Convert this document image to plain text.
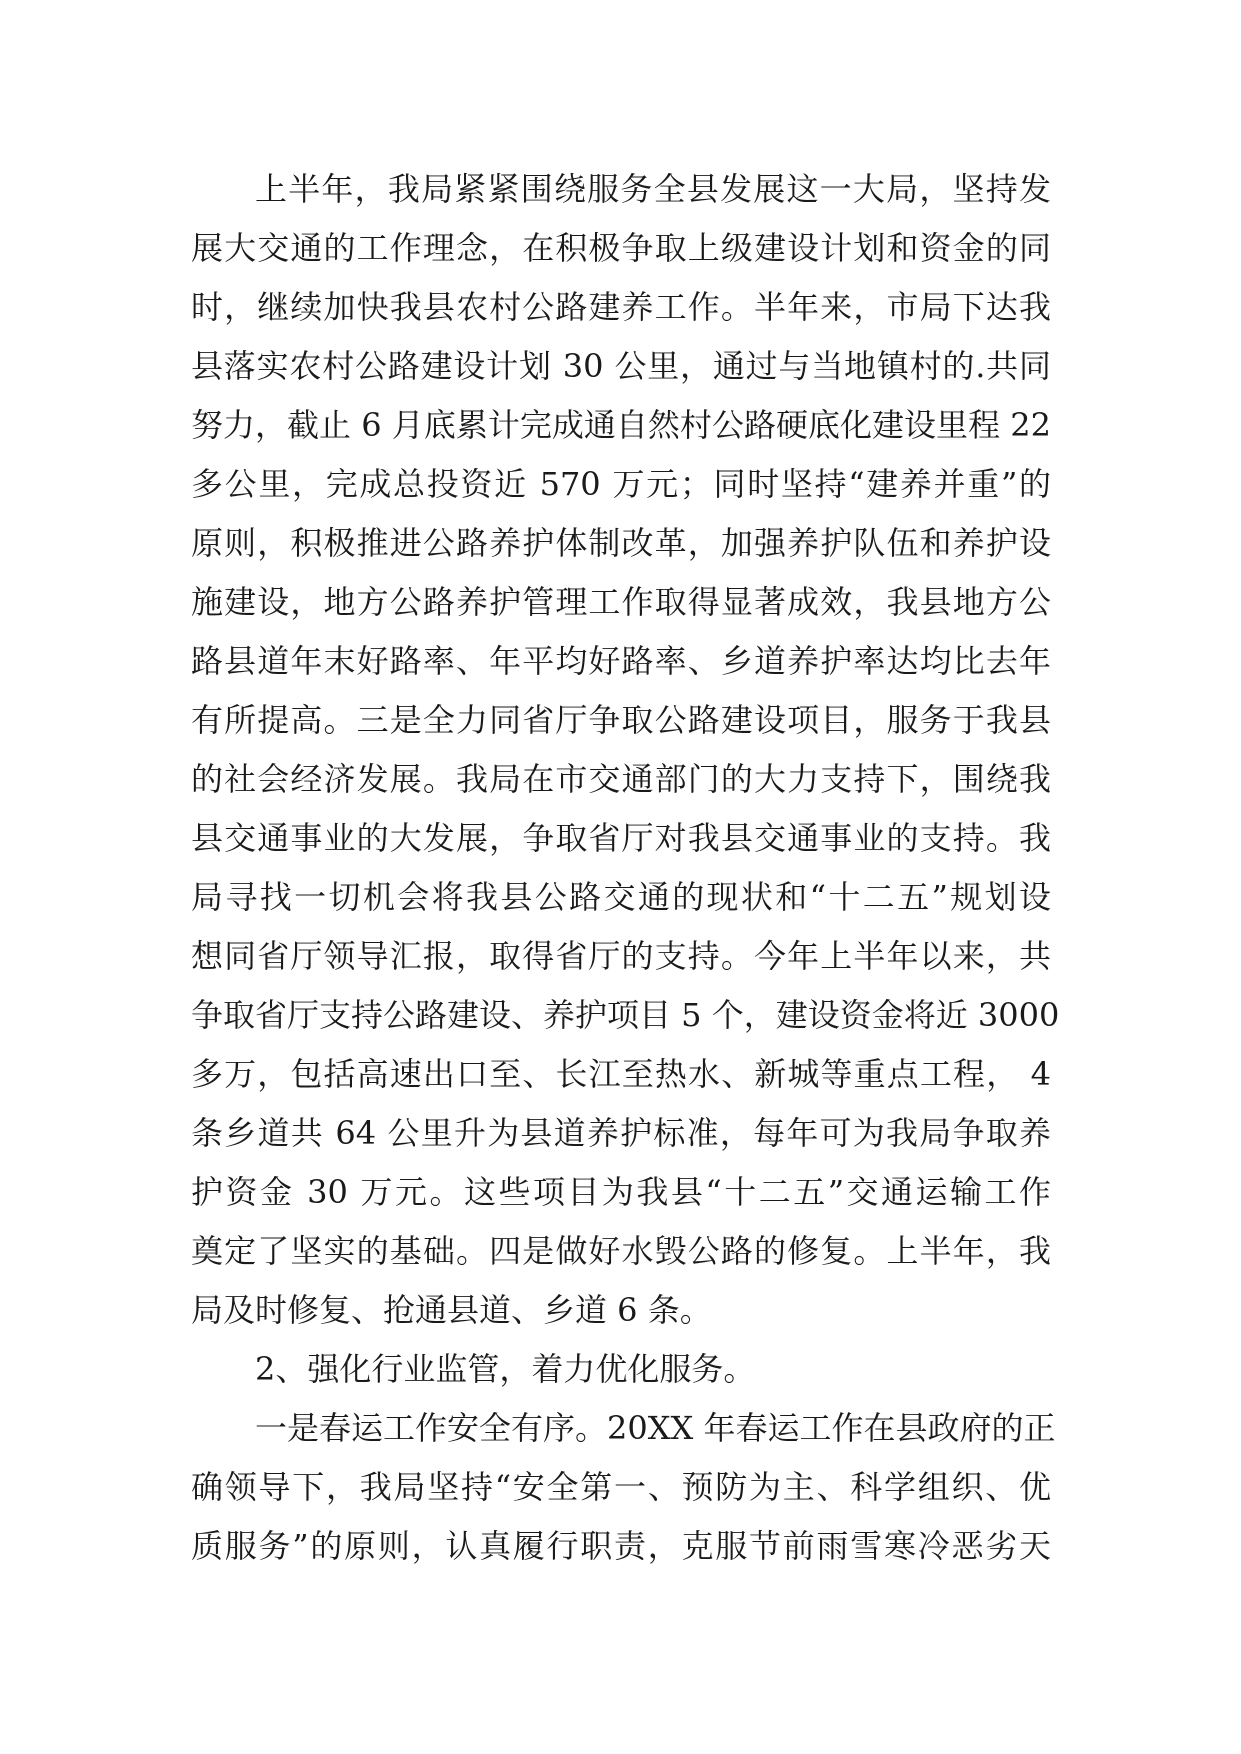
上半年，我局紧紧围绕服务全县发展这一大局，坚持发
展大交通的工作理念，在积极争取上级建设计划和资金的同
时，继续加快我县农村公路建养工作。半年来，市局下达我
县落实农村公路建设计划 30 公里，通过与当地镇村的.共同
努力，截止 6 月底累计完成通自然村公路硬底化建设里程 22
多公里，完成总投资近 570 万元；同时坚持“建养并重”的
原则，积极推进公路养护体制改革，加强养护队伍和养护设
施建设，地方公路养护管理工作取得显著成效，我县地方公
路县道年末好路率、年平均好路率、乡道养护率达均比去年
有所提高。三是全力同省厅争取公路建设项目，服务于我县
的社会经济发展。我局在市交通部门的大力支持下，围绕我
县交通事业的大发展，争取省厅对我县交通事业的支持。我
局寻找一切机会将我县公路交通的现状和“十二五”规划设
想同省厅领导汇报，取得省厅的支持。今年上半年以来，共
争取省厅支持公路建设、养护项目 5 个，建设资金将近 3000
多万，包括高速出口至、长江至热水、新城等重点工程， 4
条乡道共 64 公里升为县道养护标准，每年可为我局争取养
护资金 30 万元。这些项目为我县“十二五”交通运输工作
奠定了坚实的基础。四是做好水毁公路的修复。上半年，我
局及时修复、抢通县道、乡道 6 条。
2、强化行业监管，着力优化服务。
一是春运工作安全有序。20XX 年春运工作在县政府的正
确领导下，我局坚持“安全第一、预防为主、科学组织、优
质服务”的原则，认真履行职责，克服节前雨雪寒冷恶劣天
